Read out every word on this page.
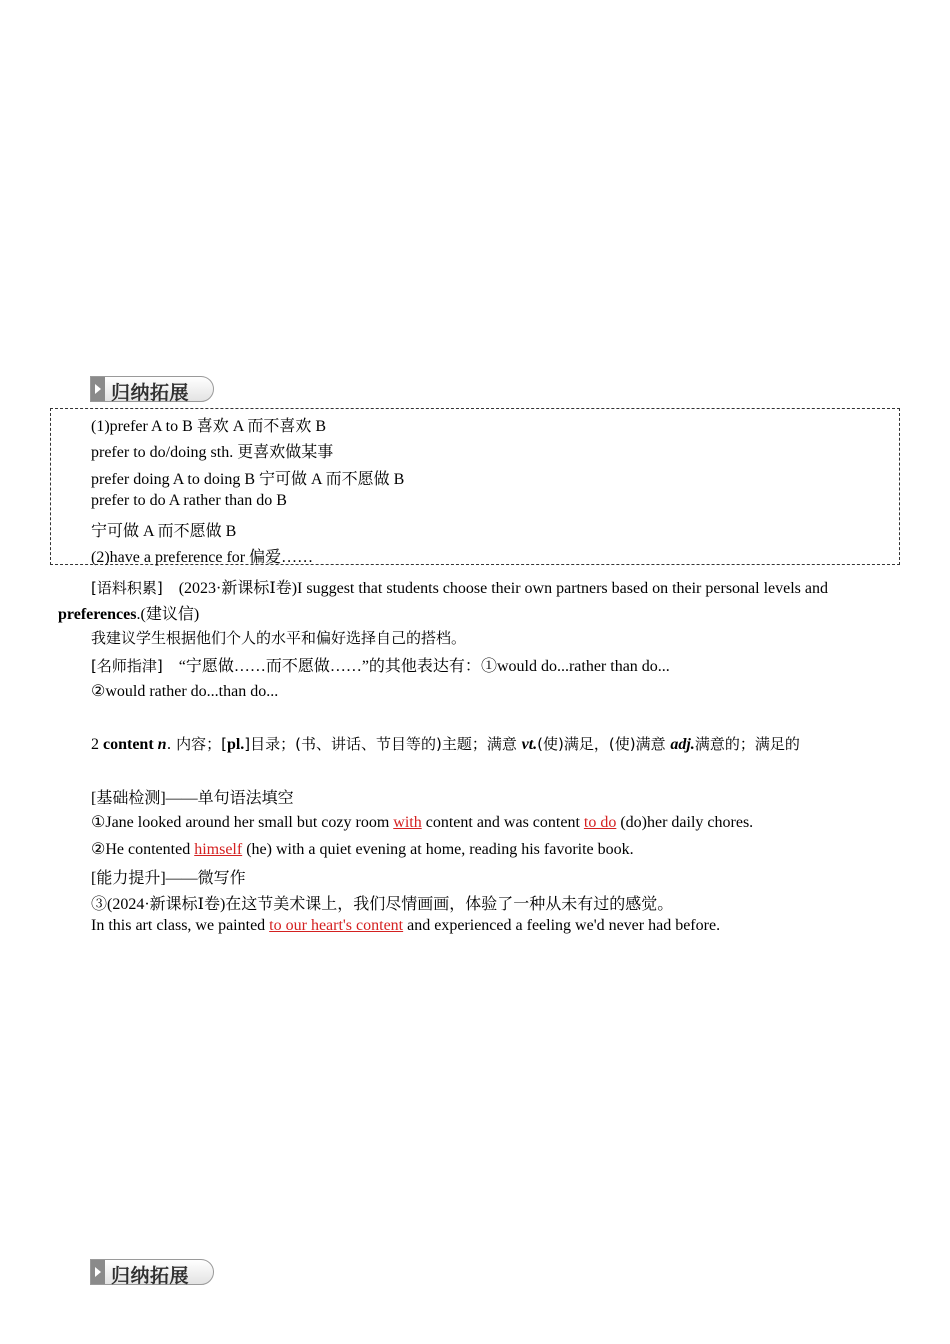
归纳拓展
(1)prefer A to B 喜欢 A 而不喜欢 B
prefer to do/doing sth. 更喜欢做某事
prefer doing A to doing B 宁可做 A 而不愿做 B
prefer to do A rather than do B
宁可做 A 而不愿做 B
(2)have a preference for 偏爱……
[语料积累] (2023·新课标Ⅰ卷)I suggest that students choose their own partners based on their personal levels and
preferences.(建议信)
我建议学生根据他们个人的水平和偏好选择自己的搭档。
[名师指津] “宁愿做……而不愿做……”的其他表达有：①would do...rather than do...
②would rather do...than do...
2 content n. 内容；[pl.]目录；(书、讲话、节目等的)主题；满意 vt.(使)满足，(使)满意 adj.满意的；满足的
[基础检测]——单句语法填空
①Jane looked around her small but cozy room with content and was content to do (do)her daily chores.
②He contented himself (he) with a quiet evening at home, reading his favorite book.
[能力提升]——微写作
③(2024·新课标Ⅰ卷)在这节美术课上，我们尽情画画，体验了一种从未有过的感觉。
In this art class, we painted to our heart's content and experienced a feeling we'd never had before.
归纳拓展
